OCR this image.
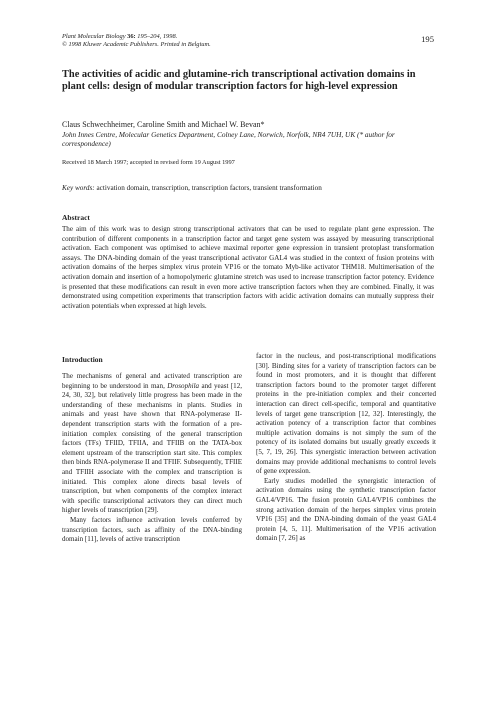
Plant Molecular Biology 36: 195–204, 1998.
© 1998 Kluwer Academic Publishers. Printed in Belgium.
195
The activities of acidic and glutamine-rich transcriptional activation domains in plant cells: design of modular transcription factors for high-level expression
Claus Schwechheimer, Caroline Smith and Michael W. Bevan*
John Innes Centre, Molecular Genetics Department, Colney Lane, Norwich, Norfolk, NR4 7UH, UK (* author for correspondence)
Received 18 March 1997; accepted in revised form 19 August 1997
Key words: activation domain, transcription, transcription factors, transient transformation
Abstract

The aim of this work was to design strong transcriptional activators that can be used to regulate plant gene expression. The contribution of different components in a transcription factor and target gene system was assayed by measuring transcriptional activation. Each component was optimised to achieve maximal reporter gene expression in transient protoplast transformation assays. The DNA-binding domain of the yeast transcriptional activator GAL4 was studied in the context of fusion proteins with activation domains of the herpes simplex virus protein VP16 or the tomato Myb-like activator THM18. Multimerisation of the activation domain and insertion of a homopolymeric glutamine stretch was used to increase transcription factor potency. Evidence is presented that these modifications can result in even more active transcription factors when they are combined. Finally, it was demonstrated using competition experiments that transcription factors with acidic activation domains can mutually suppress their activation potentials when expressed at high levels.

Introduction

The mechanisms of general and activated transcription are beginning to be understood in man, Drosophila and yeast [12, 24, 30, 32], but relatively little progress has been made in the understanding of these mechanisms in plants. Studies in animals and yeast have shown that RNA-polymerase II-dependent transcription starts with the formation of a pre-initiation complex consisting of the general transcription factors (TFs) TFIID, TFIIA, and TFIIB on the TATA-box element upstream of the transcription start site. This complex then binds RNA-polymerase II and TFIIF. Subsequently, TFIIE and TFIIH associate with the complex and transcription is initiated. This complex alone directs basal levels of transcription, but when components of the complex interact with specific transcriptional activators they can direct much higher levels of transcription [29].

Many factors influence activation levels conferred by transcription factors, such as affinity of the DNA-binding domain [11], levels of active transcription

factor in the nucleus, and post-transcriptional modifications [30]. Binding sites for a variety of transcription factors can be found in most promoters, and it is thought that different transcription factors bound to the promoter target different proteins in the pre-initiation complex and their concerted interaction can direct cell-specific, temporal and quantitative levels of target gene transcription [12, 32]. Interestingly, the activation potency of a transcription factor that combines multiple activation domains is not simply the sum of the potency of its isolated domains but usually greatly exceeds it [5, 7, 19, 26]. This synergistic interaction between activation domains may provide additional mechanisms to control levels of gene expression.

Early studies modelled the synergistic interaction of activation domains using the synthetic transcription factor GAL4/VP16. The fusion protein GAL4/VP16 combines the strong activation domain of the herpes simplex virus protein VP16 [35] and the DNA-binding domain of the yeast GAL4 protein [4, 5, 11]. Multimerisation of the VP16 activation domain [7, 26] as
